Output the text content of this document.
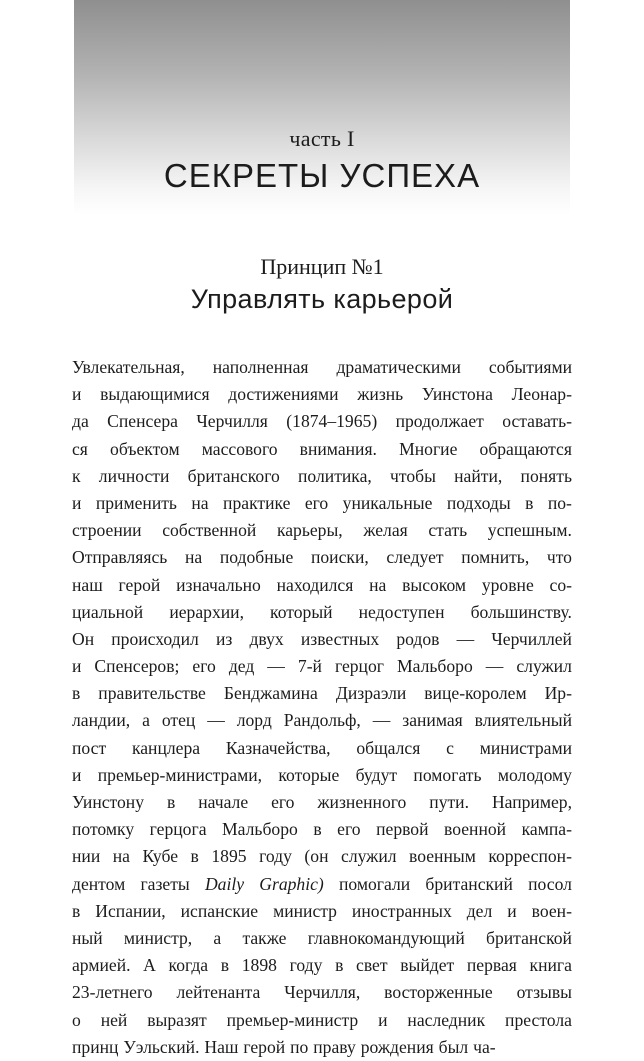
часть I
СЕКРЕТЫ УСПЕХА
Принцип №1
Управлять карьерой
Увлекательная, наполненная драматическими событиями
и выдающимися достижениями жизнь Уинстона Леонар-
да Спенсера Черчилля (1874–1965) продолжает оставать-
ся объектом массового внимания. Многие обращаются
к личности британского политика, чтобы найти, понять
и применить на практике его уникальные подходы в по-
строении собственной карьеры, желая стать успешным.
Отправляясь на подобные поиски, следует помнить, что
наш герой изначально находился на высоком уровне со-
циальной иерархии, который недоступен большинству.
Он происходил из двух известных родов — Черчиллей
и Спенсеров; его дед — 7-й герцог Мальборо — служил
в правительстве Бенджамина Дизраэли вице-королем Ир-
ландии, а отец — лорд Рандольф, — занимая влиятельный
пост канцлера Казначейства, общался с министрами
и премьер-министрами, которые будут помогать молодому
Уинстону в начале его жизненного пути. Например,
потомку герцога Мальборо в его первой военной кампа-
нии на Кубе в 1895 году (он служил военным корреспон-
дентом газеты Daily Graphic) помогали британский посол
в Испании, испанские министр иностранных дел и воен-
ный министр, а также главнокомандующий британской
армией. А когда в 1898 году в свет выйдет первая книга
23-летнего лейтенанта Черчилля, восторженные отзывы
о ней выразят премьер-министр и наследник престола
принц Уэльский. Наш герой по праву рождения был ча-
